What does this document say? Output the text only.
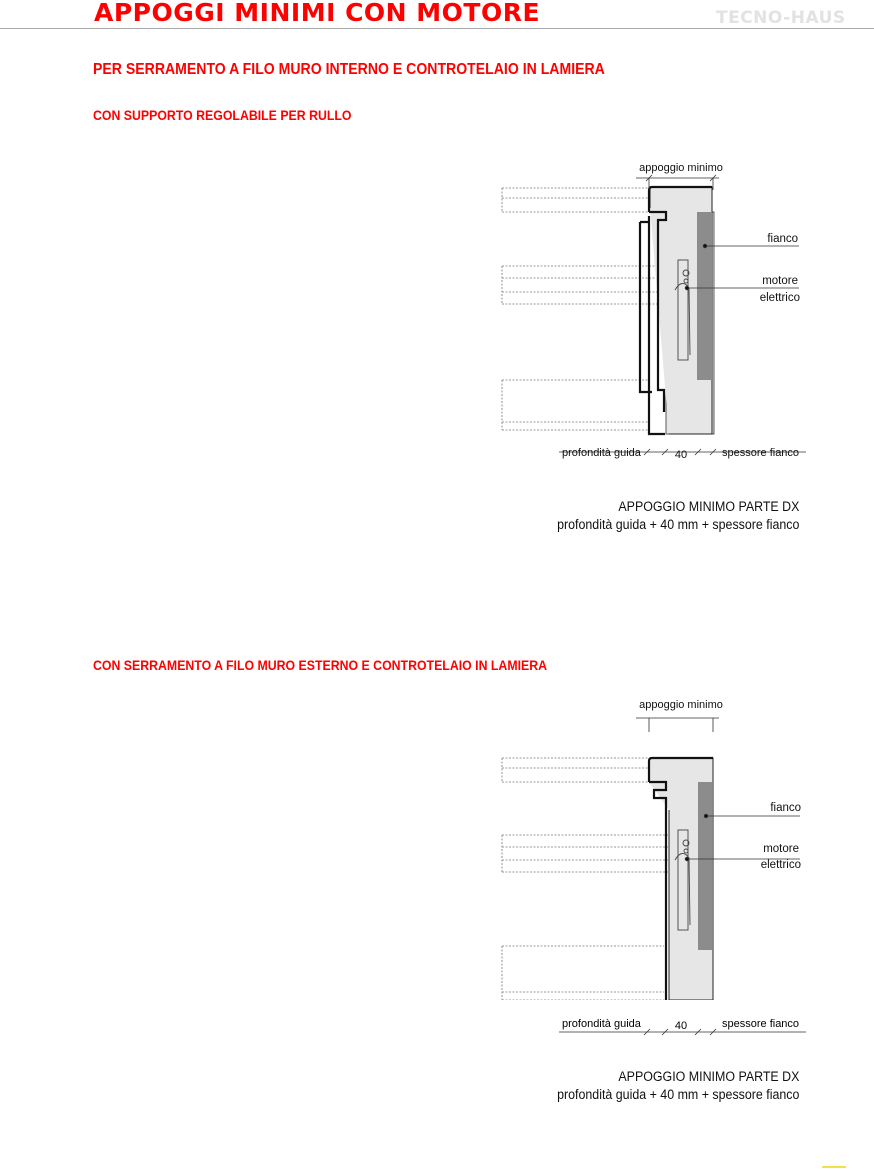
APPOGGI MINIMI CON MOTORE	TECNO-HAUS
PER SERRAMENTO A FILO MURO INTERNO E CONTROTELAIO IN LAMIERA
CON SUPPORTO REGOLABILE PER RULLO
appoggio minimo
fianco
motore
elettrico
profondità guida	40	spessore fianco
APPOGGIO MINIMO PARTE DX
profondità guida + 40 mm + spessore fianco
CON SERRAMENTO A FILO MURO ESTERNO E CONTROTELAIO IN LAMIERA
appoggio minimo
fianco
motore
elettrico
profondità guida	40	spessore fianco
APPOGGIO MINIMO PARTE DX
profondità guida + 40 mm + spessore fianco
